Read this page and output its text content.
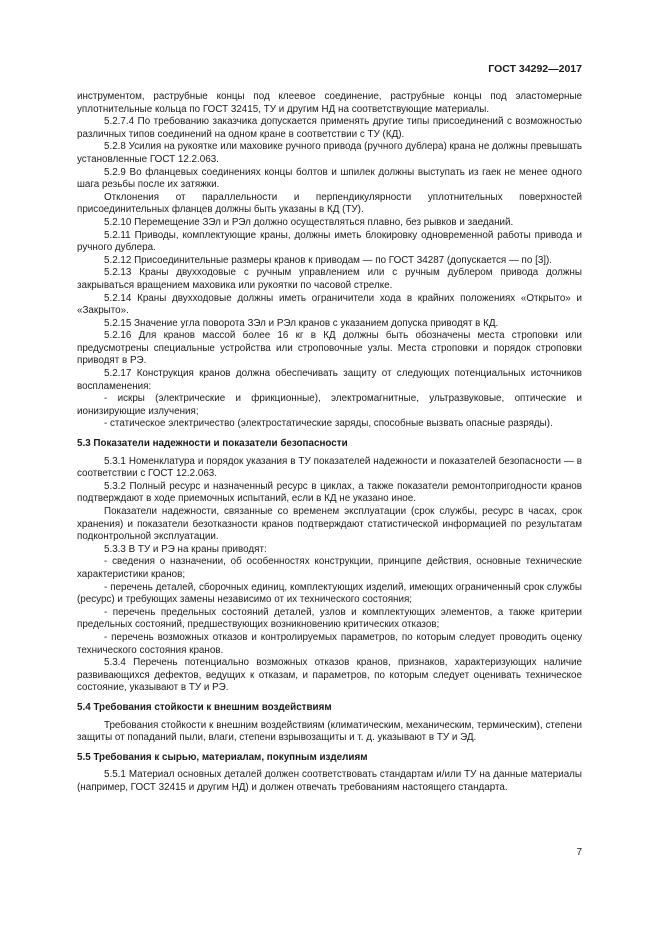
ГОСТ 34292—2017

инструментом, раструбные концы под клеевое соединение, раструбные концы под эластомерные уплотнительные кольца по ГОСТ 32415, ТУ и другим НД на соответствующие материалы.

5.2.7.4 По требованию заказчика допускается применять другие типы присоединений с возможностью различных типов соединений на одном кране в соответствии с ТУ (КД).

5.2.8 Усилия на рукоятке или маховике ручного привода (ручного дублера) крана не должны превышать установленные ГОСТ 12.2.063.

5.2.9 Во фланцевых соединениях концы болтов и шпилек должны выступать из гаек не менее одного шага резьбы после их затяжки.

Отклонения от параллельности и перпендикулярности уплотнительных поверхностей присоединительных фланцев должны быть указаны в КД (ТУ).

5.2.10 Перемещение ЗЭл и РЭл должно осуществляться плавно, без рывков и заеданий.

5.2.11 Приводы, комплектующие краны, должны иметь блокировку одновременной работы привода и ручного дублера.

5.2.12 Присоединительные размеры кранов к приводам — по ГОСТ 34287 (допускается — по [3]).

5.2.13 Краны двухходовые с ручным управлением или с ручным дублером привода должны закрываться вращением маховика или рукоятки по часовой стрелке.

5.2.14 Краны двухходовые должны иметь ограничители хода в крайних положениях «Открыто» и «Закрыто».

5.2.15 Значение угла поворота ЗЭл и РЭл кранов с указанием допуска приводят в КД.

5.2.16 Для кранов массой более 16 кг в КД должны быть обозначены места строповки или предусмотрены специальные устройства или строповочные узлы. Места строповки и порядок строповки приводят в РЭ.

5.2.17 Конструкция кранов должна обеспечивать защиту от следующих потенциальных источников воспламенения:

- искры (электрические и фрикционные), электромагнитные, ультразвуковые, оптические и ионизирующие излучения;

- статическое электричество (электростатические заряды, способные вызвать опасные разряды).

5.3 Показатели надежности и показатели безопасности

5.3.1 Номенклатура и порядок указания в ТУ показателей надежности и показателей безопасности — в соответствии с ГОСТ 12.2.063.

5.3.2 Полный ресурс и назначенный ресурс в циклах, а также показатели ремонтопригодности кранов подтверждают в ходе приемочных испытаний, если в КД не указано иное.

Показатели надежности, связанные со временем эксплуатации (срок службы, ресурс в часах, срок хранения) и показатели безотказности кранов подтверждают статистической информацией по результатам подконтрольной эксплуатации.

5.3.3 В ТУ и РЭ на краны приводят:

- сведения о назначении, об особенностях конструкции, принципе действия, основные технические характеристики кранов;

- перечень деталей, сборочных единиц, комплектующих изделий, имеющих ограниченный срок службы (ресурс) и требующих замены независимо от их технического состояния;

- перечень предельных состояний деталей, узлов и комплектующих элементов, а также критерии предельных состояний, предшествующих возникновению критических отказов;

- перечень возможных отказов и контролируемых параметров, по которым следует проводить оценку технического состояния кранов.

5.3.4 Перечень потенциально возможных отказов кранов, признаков, характеризующих наличие развивающихся дефектов, ведущих к отказам, и параметров, по которым следует оценивать техническое состояние, указывают в ТУ и РЭ.

5.4 Требования стойкости к внешним воздействиям

Требования стойкости к внешним воздействиям (климатическим, механическим, термическим), степени защиты от попаданий пыли, влаги, степени взрывозащиты и т. д. указывают в ТУ и ЭД.

5.5 Требования к сырью, материалам, покупным изделиям

5.5.1 Материал основных деталей должен соответствовать стандартам и/или ТУ на данные материалы (например, ГОСТ 32415 и другим НД) и должен отвечать требованиям настоящего стандарта.

7
